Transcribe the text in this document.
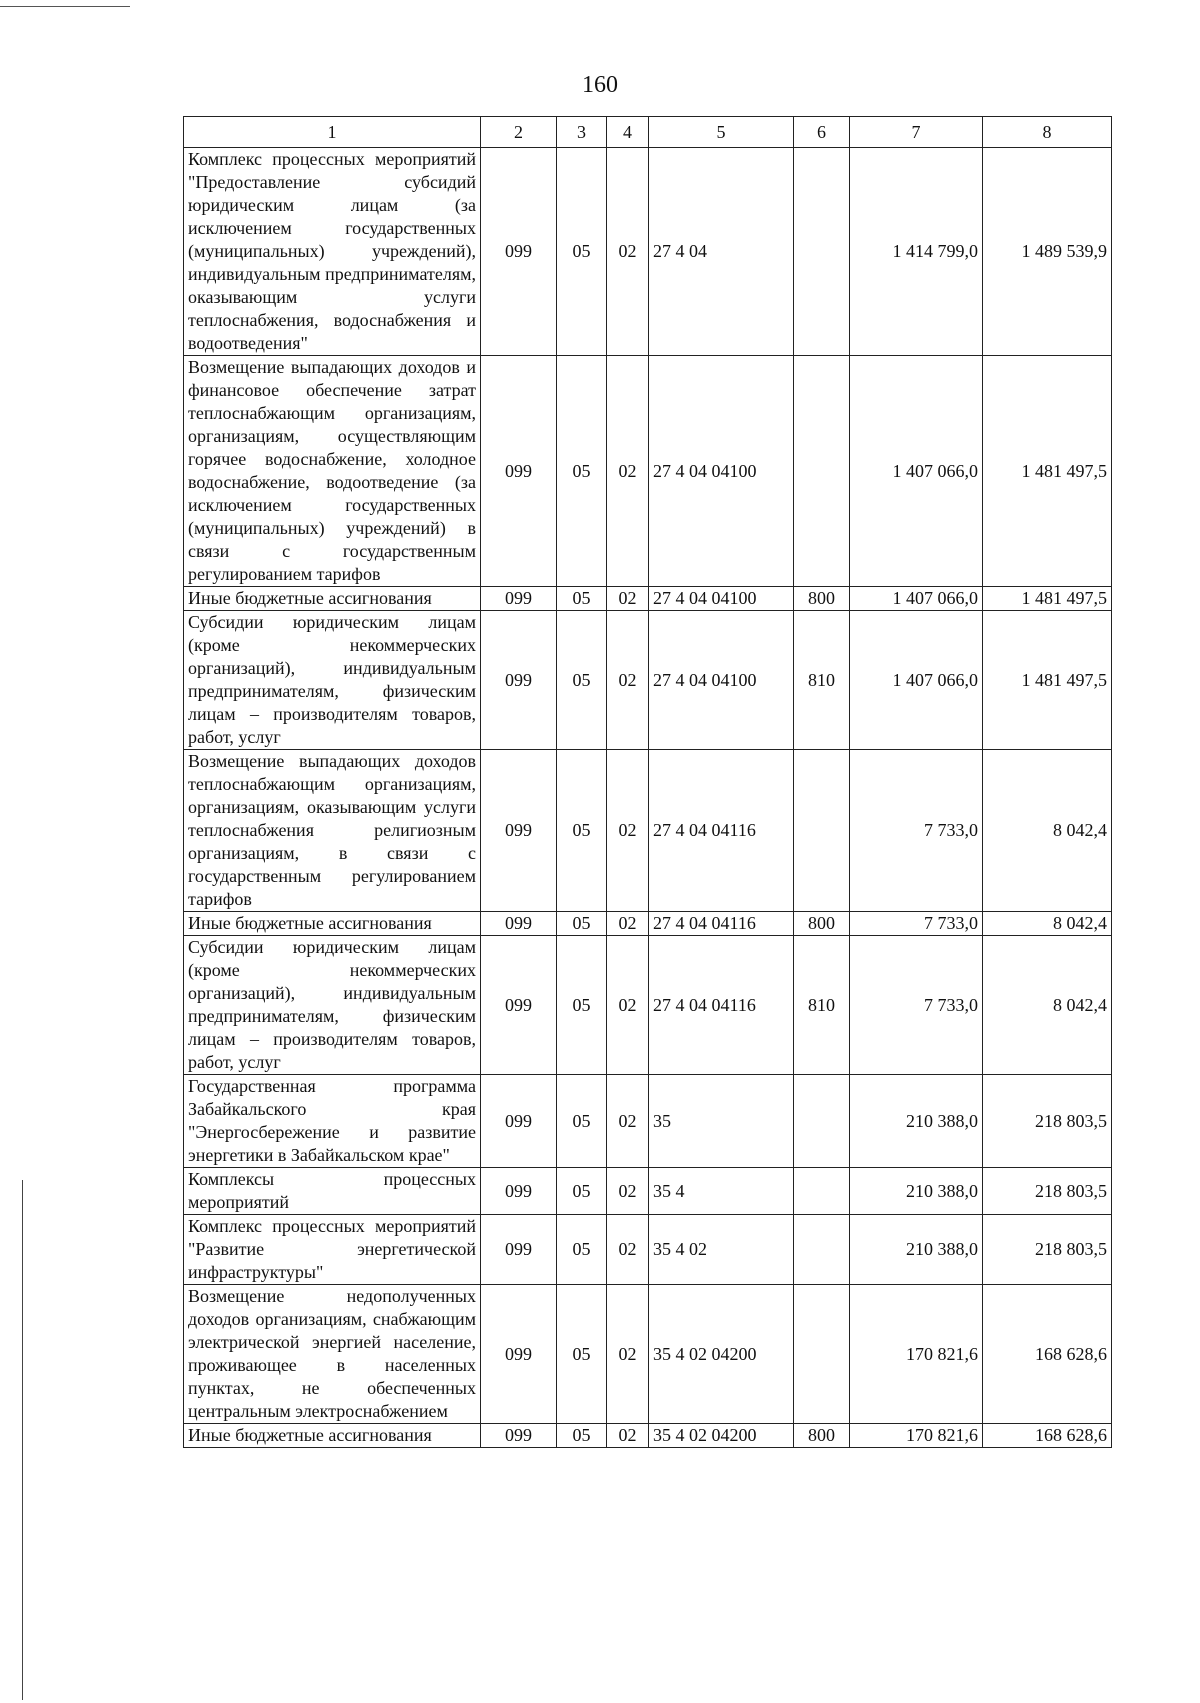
160
1	2	3	4	5	6	7	8
Комплекс процессных мероприятий "Предоставление субсидий юридическим лицам (за исключением государственных (муниципальных) учреждений), индивидуальным предпринимателям, оказывающим услуги теплоснабжения, водоснабжения и водоотведения"	099	05	02	27 4 04		1 414 799,0	1 489 539,9
Возмещение выпадающих доходов и финансовое обеспечение затрат теплоснабжающим организациям, организациям, осуществляющим горячее водоснабжение, холодное водоснабжение, водоотведение (за исключением государственных (муниципальных) учреждений) в связи с государственным регулированием тарифов	099	05	02	27 4 04 04100		1 407 066,0	1 481 497,5
Иные бюджетные ассигнования	099	05	02	27 4 04 04100	800	1 407 066,0	1 481 497,5
Субсидии юридическим лицам (кроме некоммерческих организаций), индивидуальным предпринимателям, физическим лицам – производителям товаров, работ, услуг	099	05	02	27 4 04 04100	810	1 407 066,0	1 481 497,5
Возмещение выпадающих доходов теплоснабжающим организациям, организациям, оказывающим услуги теплоснабжения религиозным организациям, в связи с государственным регулированием тарифов	099	05	02	27 4 04 04116		7 733,0	8 042,4
Иные бюджетные ассигнования	099	05	02	27 4 04 04116	800	7 733,0	8 042,4
Субсидии юридическим лицам (кроме некоммерческих организаций), индивидуальным предпринимателям, физическим лицам – производителям товаров, работ, услуг	099	05	02	27 4 04 04116	810	7 733,0	8 042,4
Государственная программа Забайкальского края "Энергосбережение и развитие энергетики в Забайкальском крае"	099	05	02	35		210 388,0	218 803,5
Комплексы процессных мероприятий	099	05	02	35 4		210 388,0	218 803,5
Комплекс процессных мероприятий "Развитие энергетической инфраструктуры"	099	05	02	35 4 02		210 388,0	218 803,5
Возмещение недополученных доходов организациям, снабжающим электрической энергией население, проживающее в населенных пунктах, не обеспеченных центральным электроснабжением	099	05	02	35 4 02 04200		170 821,6	168 628,6
Иные бюджетные ассигнования	099	05	02	35 4 02 04200	800	170 821,6	168 628,6
